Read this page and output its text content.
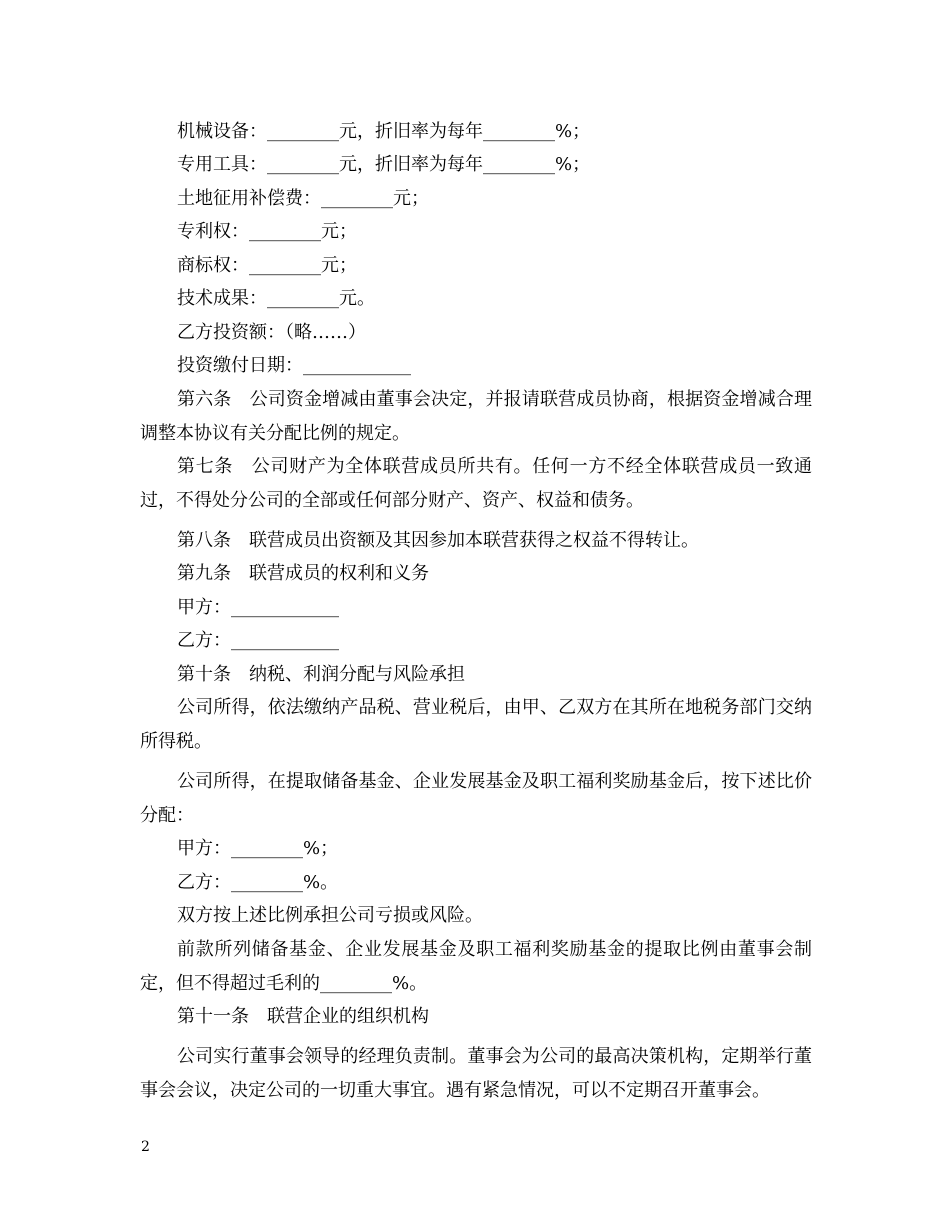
机械设备：________元，折旧率为每年________%；
专用工具：________元，折旧率为每年________%；
土地征用补偿费：________元；
专利权：________元；
商标权：________元；
技术成果：________元。
乙方投资额：（略……）
投资缴付日期：____________
第六条　公司资金增减由董事会决定，并报请联营成员协商，根据资金增减合理调整本协议有关分配比例的规定。
第七条　公司财产为全体联营成员所共有。任何一方不经全体联营成员一致通过，不得处分公司的全部或任何部分财产、资产、权益和债务。
第八条　联营成员出资额及其因参加本联营获得之权益不得转让。
第九条　联营成员的权利和义务
甲方：____________
乙方：____________
第十条　纳税、利润分配与风险承担
公司所得，依法缴纳产品税、营业税后，由甲、乙双方在其所在地税务部门交纳所得税。
公司所得，在提取储备基金、企业发展基金及职工福利奖励基金后，按下述比价分配：
甲方：________%；
乙方：________%。
双方按上述比例承担公司亏损或风险。
前款所列储备基金、企业发展基金及职工福利奖励基金的提取比例由董事会制定，但不得超过毛利的________%。
第十一条　联营企业的组织机构
公司实行董事会领导的经理负责制。董事会为公司的最高决策机构，定期举行董事会会议，决定公司的一切重大事宜。遇有紧急情况，可以不定期召开董事会。
2
